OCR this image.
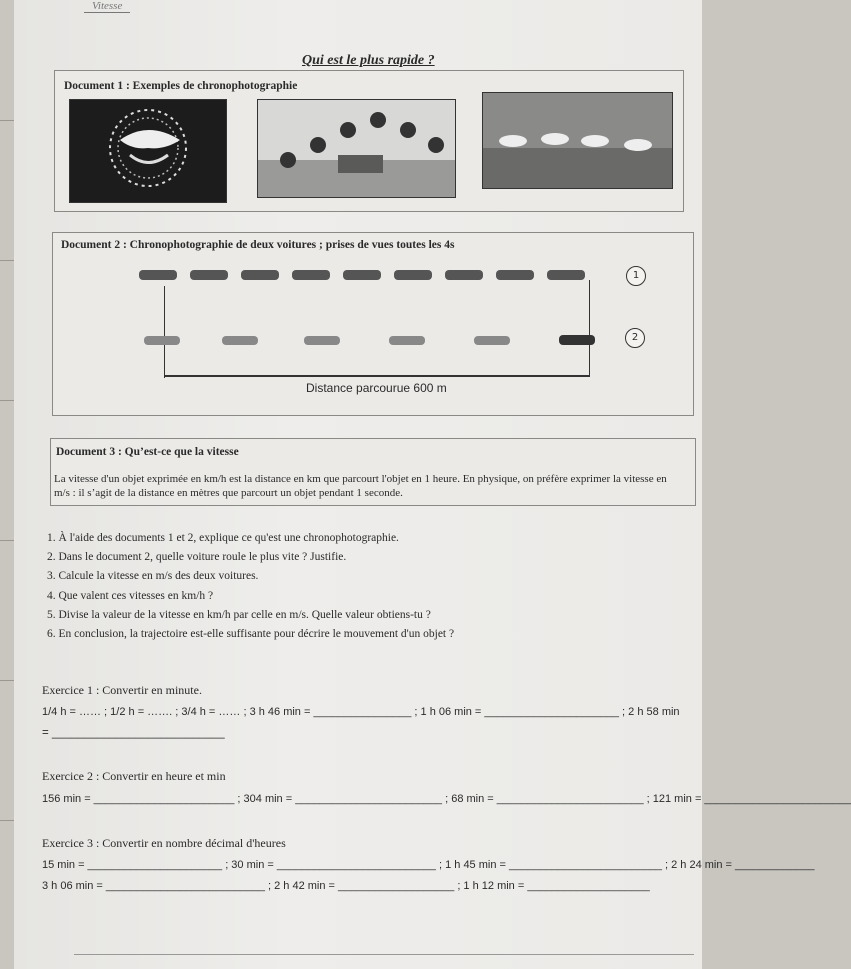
Vitesse
Qui est le plus rapide ?
Document 1 : Exemples de chronophotographie
Document 2 : Chronophotographie de deux voitures ; prises de vues toutes les 4s
1
2
Distance parcourue 600 m
Document 3 : Qu’est-ce que la vitesse
La vitesse d'un objet exprimée en km/h est la distance en km que parcourt l'objet en 1 heure. En physique, on préfère exprimer la vitesse en m/s : il s’agit de la distance en mètres que parcourt un objet pendant 1 seconde.
1. À l'aide des documents 1 et 2, explique ce qu'est une chronophotographie.
2. Dans le document 2, quelle voiture roule le plus vite ? Justifie.
3. Calcule la vitesse en m/s des deux voitures.
4. Que valent ces vitesses en km/h ?
5. Divise la valeur de la vitesse en km/h par celle en m/s. Quelle valeur obtiens-tu ?
6. En conclusion, la trajectoire est-elle suffisante pour décrire le mouvement d'un objet ?
Exercice 1 : Convertir en minute.
1/4 h = …… ; 1/2 h = ……. ; 3/4 h = …… ; 3 h 46 min = ________________ ; 1 h 06 min = ______________________ ; 2 h 58 min
= ___________________________
Exercice 2 : Convertir en heure et min
156 min = _______________________ ; 304 min = ________________________ ; 68 min = ________________________ ; 121 min = ________________________
Exercice 3 : Convertir en nombre décimal d'heures
15 min = ______________________ ; 30 min = __________________________ ; 1 h 45 min = _________________________ ; 2 h 24 min = _____________
3 h 06 min = __________________________ ; 2 h 42 min = ___________________ ; 1 h 12 min = ____________________
